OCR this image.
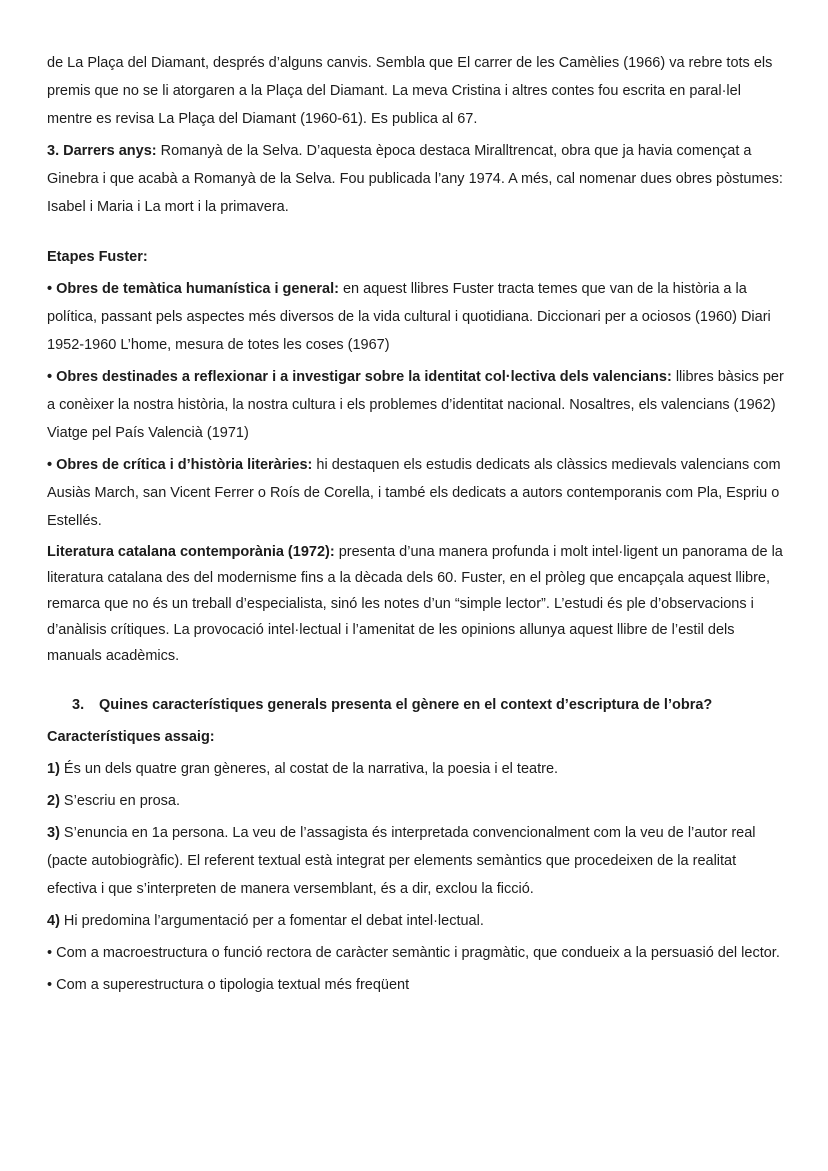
de La Plaça del Diamant, després d’alguns canvis. Sembla que El carrer de les Camèlies (1966) va rebre tots els premis que no se li atorgaren a la Plaça del Diamant. La meva Cristina i altres contes fou escrita en paral·lel mentre es revisa La Plaça del Diamant (1960-61). Es publica al 67.

3. Darrers anys: Romanyà de la Selva. D’aquesta època destaca Miralltrencat, obra que ja havia començat a Ginebra i que acabà a Romanyà de la Selva. Fou publicada l’any 1974. A més, cal nomenar dues obres pòstumes: Isabel i Maria i La mort i la primavera.

Etapes Fuster:

• Obres de temàtica humanística i general: en aquest llibres Fuster tracta temes que van de la història a la política, passant pels aspectes més diversos de la vida cultural i quotidiana. Diccionari per a ociosos (1960) Diari 1952-1960 L’home, mesura de totes les coses (1967)

• Obres destinades a reflexionar i a investigar sobre la identitat col·lectiva dels valencians: llibres bàsics per a conèixer la nostra història, la nostra cultura i els problemes d’identitat nacional. Nosaltres, els valencians (1962) Viatge pel País Valencià (1971)

• Obres de crítica i d’història literàries: hi destaquen els estudis dedicats als clàssics medievals valencians com Ausiàs March, san Vicent Ferrer o Roís de Corella, i també els dedicats a autors contemporanis com Pla, Espriu o Estellés.

Literatura catalana contemporània (1972): presenta d’una manera profunda i molt intel·ligent un panorama de la literatura catalana des del modernisme fins a la dècada dels 60. Fuster, en el pròleg que encapçala aquest llibre, remarca que no és un treball d’especialista, sinó les notes d’un “simple lector”. L’estudi és ple d’observacions i d’anàlisis crítiques. La provocació intel·lectual i l’amenitat de les opinions allunya aquest llibre de l’estil dels manuals acadèmics.

3. Quines característiques generals presenta el gènere en el context d’escriptura de l’obra?

Característiques assaig:

1) És un dels quatre gran gèneres, al costat de la narrativa, la poesia i el teatre.

2) S’escriu en prosa.

3) S’enuncia en 1a persona. La veu de l’assagista és interpretada convencionalment com la veu de l’autor real (pacte autobiogràfic). El referent textual està integrat per elements semàntics que procedeixen de la realitat efectiva i que s’interpreten de manera versemblant, és a dir, exclou la ficció.

4) Hi predomina l’argumentació per a fomentar el debat intel·lectual.

• Com a macroestructura o funció rectora de caràcter semàntic i pragmàtic, que condueix a la persuasió del lector.

• Com a superestructura o tipologia textual més freqüent
